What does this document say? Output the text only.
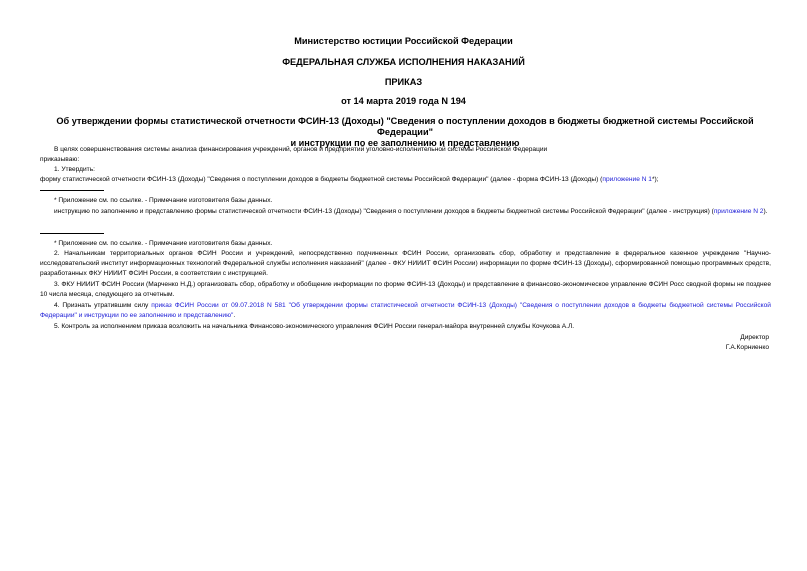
Министерство юстиции Российской Федерации
ФЕДЕРАЛЬНАЯ СЛУЖБА ИСПОЛНЕНИЯ НАКАЗАНИЙ
ПРИКАЗ
от 14 марта 2019 года N 194
Об утверждении формы статистической отчетности ФСИН-13 (Доходы) "Сведения о поступлении доходов в бюджеты бюджетной системы Российской Федерации"
и инструкции по ее заполнению и представлению
В целях совершенствования системы анализа финансирования учреждений, органов и предприятий уголовно-исполнительной системы Российской Федерации
приказываю:
1. Утвердить:
форму статистической отчетности ФСИН-13 (Доходы) "Сведения о поступлении доходов в бюджеты бюджетной системы Российской Федерации" (далее - форма ФСИН-13 (Доходы) (приложение N 1*);
* Приложение см. по ссылке. - Примечание изготовителя базы данных.
инструкцию по заполнению и представлению формы статистической отчетности ФСИН-13 (Доходы) "Сведения о поступлении доходов в бюджеты бюджетной системы Российской Федерации" (далее - инструкция) (приложение N 2).
* Приложение см. по ссылке. - Примечание изготовителя базы данных.
2. Начальникам территориальных органов ФСИН России и учреждений, непосредственно подчиненных ФСИН России, организовать сбор, обработку и представление в федеральное казенное учреждение "Научно-исследовательский институт информационных технологий Федеральной службы исполнения наказаний" (далее - ФКУ НИИИТ ФСИН России) информации по форме ФСИН-13 (Доходы), сформированной помощью программных средств, разработанных ФКУ НИИИТ ФСИН России, в соответствии с инструкцией.
3. ФКУ НИИИТ ФСИН России (Марченко Н.Д.) организовать сбор, обработку и обобщение информации по форме ФСИН-13 (Доходы) и представление в финансово-экономическое управление ФСИН Росс сводной формы не позднее 10 числа месяца, следующего за отчетным.
4. Признать утратившим силу приказ ФСИН России от 09.07.2018 N 581 "Об утверждении формы статистической отчетности ФСИН-13 (Доходы) "Сведения о поступлении доходов в бюджеты бюджетной системы Российской Федерации" и инструкции по ее заполнению и представлению".
5. Контроль за исполнением приказа возложить на начальника Финансово-экономического управления ФСИН России генерал-майора внутренней службы Кочукова А.Л.
Директор
Г.А.Корниенко
